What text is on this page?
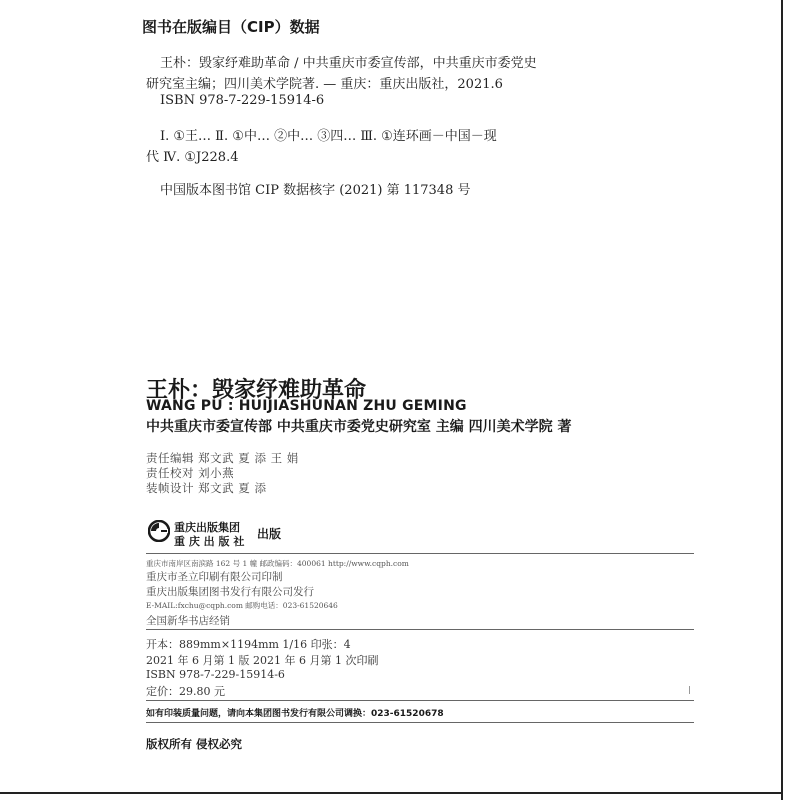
图书在版编目（CIP）数据
王朴：毁家纾难助革命 / 中共重庆市委宣传部，中共重庆市委党史
研究室主编；四川美术学院著. — 重庆：重庆出版社，2021.6
ISBN 978-7-229-15914-6
Ⅰ. ①王… Ⅱ. ①中… ②中… ③四… Ⅲ. ①连环画－中国－现
代 Ⅳ. ①J228.4
中国版本图书馆 CIP 数据核字 (2021) 第 117348 号
王朴：毁家纾难助革命
WANG PU : HUIJIASHUNAN ZHU GEMING
中共重庆市委宣传部 中共重庆市委党史研究室 主编 四川美术学院 著
责任编辑 郑文武 夏 添 王 娟
责任校对 刘小燕
装帧设计 郑文武 夏 添
重庆出版集团
重 庆 出 版 社
出版
重庆市南岸区南滨路 162 号 1 幢 邮政编码：400061 http://www.cqph.com
重庆市圣立印刷有限公司印制
重庆出版集团图书发行有限公司发行
E-MAIL:fxchu@cqph.com 邮购电话：023-61520646
全国新华书店经销
开本：889mm×1194mm 1/16 印张：4
2021 年 6 月第 1 版 2021 年 6 月第 1 次印刷
ISBN 978-7-229-15914-6
定价：29.80 元
如有印装质量问题，请向本集团图书发行有限公司调换：023-61520678
版权所有 侵权必究
